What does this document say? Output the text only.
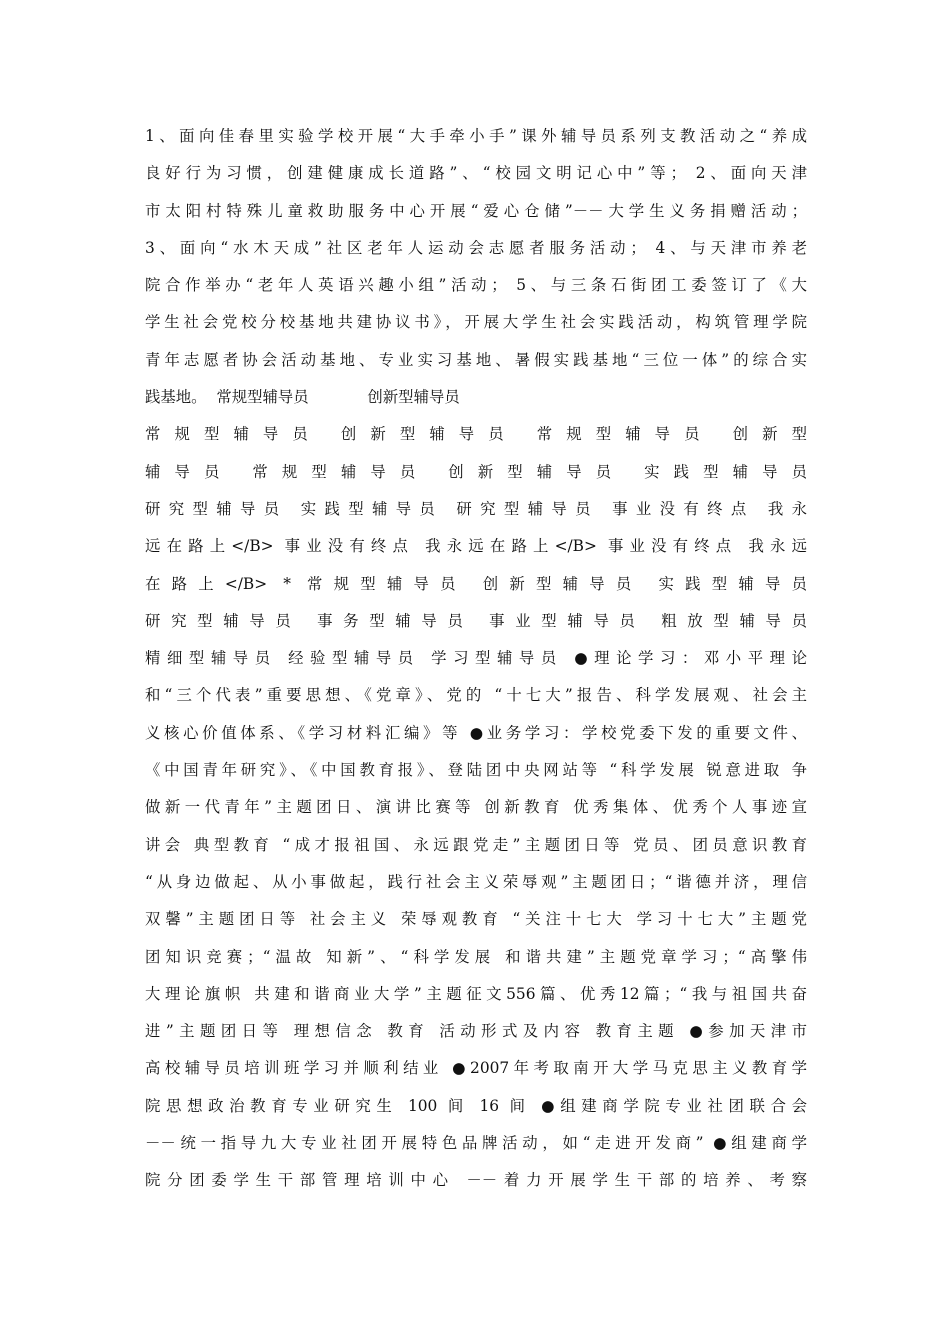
1、面向佳春里实验学校开展“大手牵小手”课外辅导员系列支教活动之“养成
良好行为习惯，创建健康成长道路”、“校园文明记心中”等； 2、面向天津
市太阳村特殊儿童救助服务中心开展“爱心仓储”－－大学生义务捐赠活动；
3、面向“水木天成”社区老年人运动会志愿者服务活动； 4、与天津市养老
院合作举办“老年人英语兴趣小组”活动； 5、与三条石街团工委签订了《大
学生社会党校分校基地共建协议书》，开展大学生社会实践活动，构筑管理学院
青年志愿者协会活动基地、专业实习基地、暑假实践基地“三位一体”的综合实
践基地。  常规型辅导员            创新型辅导员
常规型辅导员 创新型辅导员 常规型辅导员 创新型
辅导员 常规型辅导员 创新型辅导员 实践型辅导员
研究型辅导员 实践型辅导员 研究型辅导员 事业没有终点 我永
远在路上</B> 事业没有终点 我永远在路上</B> 事业没有终点 我永远
在路上</B> * 常规型辅导员 创新型辅导员 实践型辅导员
研究型辅导员 事务型辅导员 事业型辅导员 粗放型辅导员
精细型辅导员 经验型辅导员 学习型辅导员 ●理论学习：邓小平理论
和“三个代表”重要思想、《党章》、党的 “十七大”报告、科学发展观、社会主
义核心价值体系、《学习材料汇编》等 ●业务学习：学校党委下发的重要文件、
《中国青年研究》、《中国教育报》、登陆团中央网站等 “科学发展 锐意进取 争
做新一代青年”主题团日、演讲比赛等 创新教育 优秀集体、优秀个人事迹宣
讲会 典型教育 “成才报祖国、永远跟党走”主题团日等 党员、团员意识教育
“从身边做起、从小事做起，践行社会主义荣辱观”主题团日；“谐德并济，理信
双馨”主题团日等 社会主义 荣辱观教育 “关注十七大 学习十七大”主题党
团知识竞赛；“温故 知新”、“科学发展 和谐共建”主题党章学习；“高擎伟
大理论旗帜 共建和谐商业大学”主题征文556篇、优秀12篇；“我与祖国共奋
进”主题团日等 理想信念 教育 活动形式及内容 教育主题 ●参加天津市
高校辅导员培训班学习并顺利结业 ●2007年考取南开大学马克思主义教育学
院思想政治教育专业研究生 100 间 16 间 ●组建商学院专业社团联合会
－－统一指导九大专业社团开展特色品牌活动，如“走进开发商” ●组建商学
院分团委学生干部管理培训中心 －－着力开展学生干部的培养、考察
